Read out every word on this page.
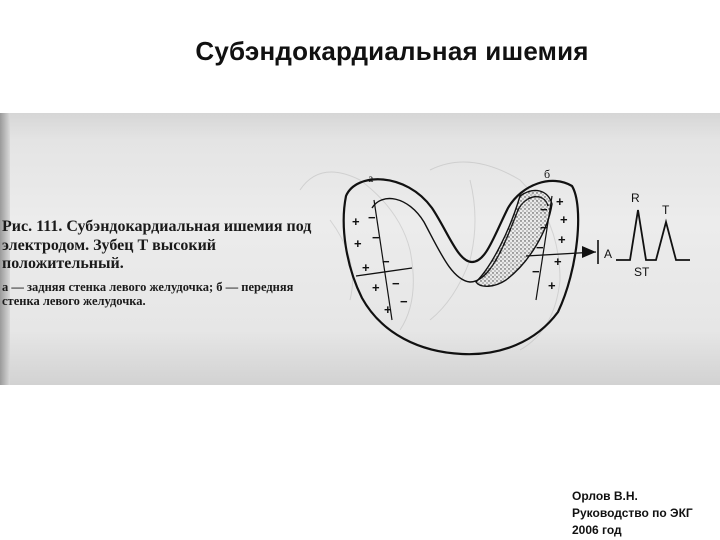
Субэндокардиальная ишемия

Рис. 111. Субэндокардиальная ишемия под электродом. Зубец Т высокий положительный.

а — задняя стенка левого желудочка; б — передняя стенка левого желудочка.

а	б
А
+ −
+ −
+ −
+ −
+
−
+
−
+
−
+
−
+
−
+
R
T
ST
Орлов В.Н.
Руководство по ЭКГ
2006 год
